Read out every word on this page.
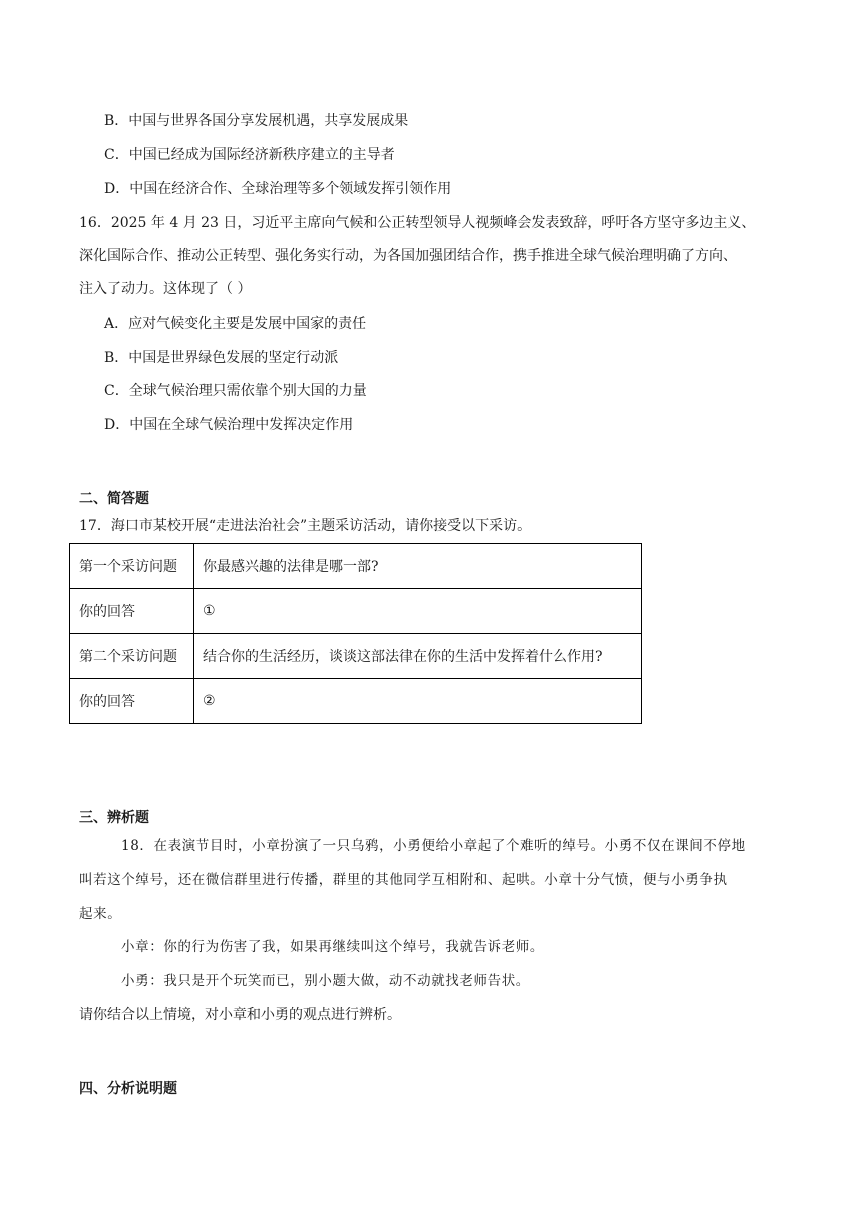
B．中国与世界各国分享发展机遇，共享发展成果
C．中国已经成为国际经济新秩序建立的主导者
D．中国在经济合作、全球治理等多个领域发挥引领作用
16．2025 年 4 月 23 日，习近平主席向气候和公正转型领导人视频峰会发表致辞，呼吁各方坚守多边主义、
深化国际合作、推动公正转型、强化务实行动，为各国加强团结合作，携手推进全球气候治理明确了方向、
注入了动力。这体现了（ ）
A．应对气候变化主要是发展中国家的责任
B．中国是世界绿色发展的坚定行动派
C．全球气候治理只需依靠个别大国的力量
D．中国在全球气候治理中发挥决定作用
二、简答题
17．海口市某校开展“走进法治社会”主题采访活动，请你接受以下采访。
第一个采访问题	你最感兴趣的法律是哪一部?
你的回答	①
第二个采访问题	结合你的生活经历，谈谈这部法律在你的生活中发挥着什么作用?
你的回答	②
三、辨析题
18．在表演节目时，小章扮演了一只乌鸦，小勇便给小章起了个难听的绰号。小勇不仅在课间不停地
叫若这个绰号，还在微信群里进行传播，群里的其他同学互相附和、起哄。小章十分气愤，便与小勇争执
起来。
小章：你的行为伤害了我，如果再继续叫这个绰号，我就告诉老师。
小勇：我只是开个玩笑而已，别小题大做，动不动就找老师告状。
请你结合以上情境，对小章和小勇的观点进行辨析。
四、分析说明题
